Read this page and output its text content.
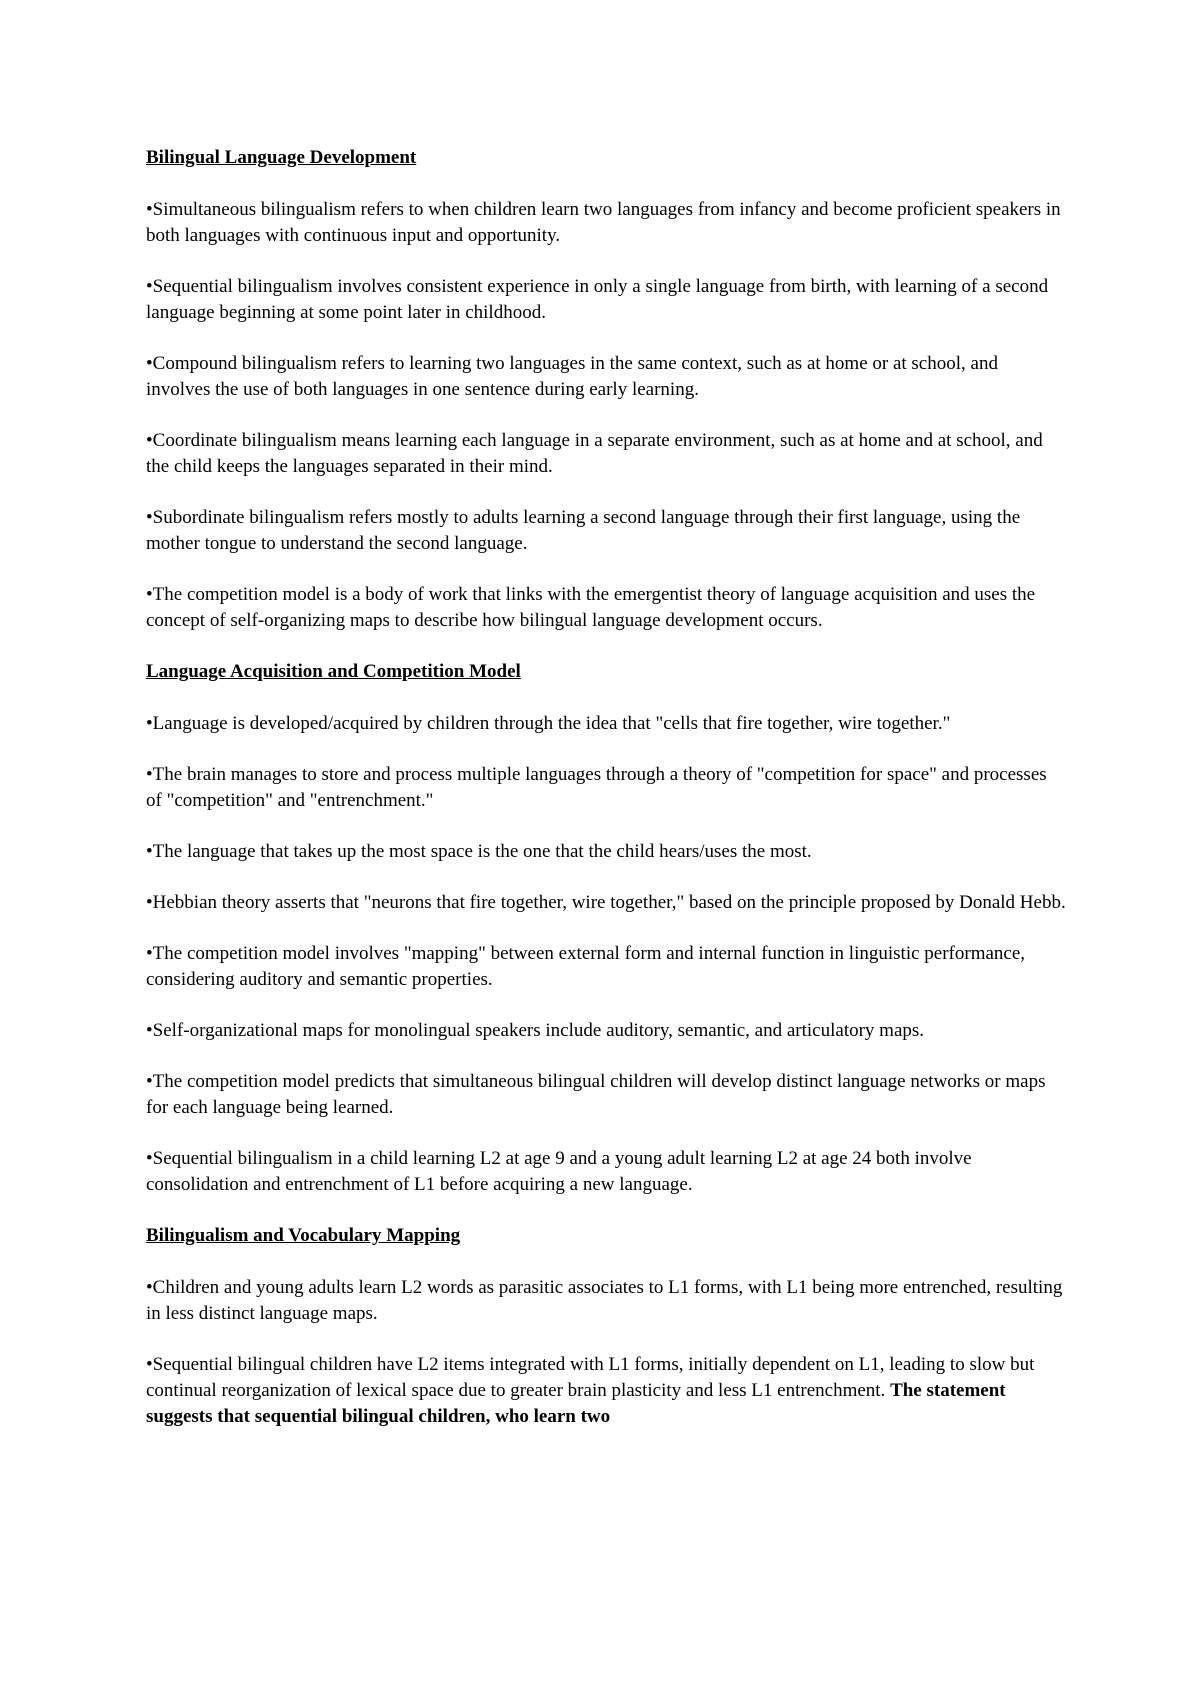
Bilingual Language Development

•Simultaneous bilingualism refers to when children learn two languages from infancy and become proficient speakers in both languages with continuous input and opportunity.

•Sequential bilingualism involves consistent experience in only a single language from birth, with learning of a second language beginning at some point later in childhood.

•Compound bilingualism refers to learning two languages in the same context, such as at home or at school, and involves the use of both languages in one sentence during early learning.

•Coordinate bilingualism means learning each language in a separate environment, such as at home and at school, and the child keeps the languages separated in their mind.

•Subordinate bilingualism refers mostly to adults learning a second language through their first language, using the mother tongue to understand the second language.

•The competition model is a body of work that links with the emergentist theory of language acquisition and uses the concept of self-organizing maps to describe how bilingual language development occurs.

Language Acquisition and Competition Model

•Language is developed/acquired by children through the idea that "cells that fire together, wire together."

•The brain manages to store and process multiple languages through a theory of "competition for space" and processes of "competition" and "entrenchment."

•The language that takes up the most space is the one that the child hears/uses the most.

•Hebbian theory asserts that "neurons that fire together, wire together," based on the principle proposed by Donald Hebb.

•The competition model involves "mapping" between external form and internal function in linguistic performance, considering auditory and semantic properties.

•Self-organizational maps for monolingual speakers include auditory, semantic, and articulatory maps.

•The competition model predicts that simultaneous bilingual children will develop distinct language networks or maps for each language being learned.

•Sequential bilingualism in a child learning L2 at age 9 and a young adult learning L2 at age 24 both involve consolidation and entrenchment of L1 before acquiring a new language.

Bilingualism and Vocabulary Mapping

•Children and young adults learn L2 words as parasitic associates to L1 forms, with L1 being more entrenched, resulting in less distinct language maps.

•Sequential bilingual children have L2 items integrated with L1 forms, initially dependent on L1, leading to slow but continual reorganization of lexical space due to greater brain plasticity and less L1 entrenchment. The statement suggests that sequential bilingual children, who learn two
